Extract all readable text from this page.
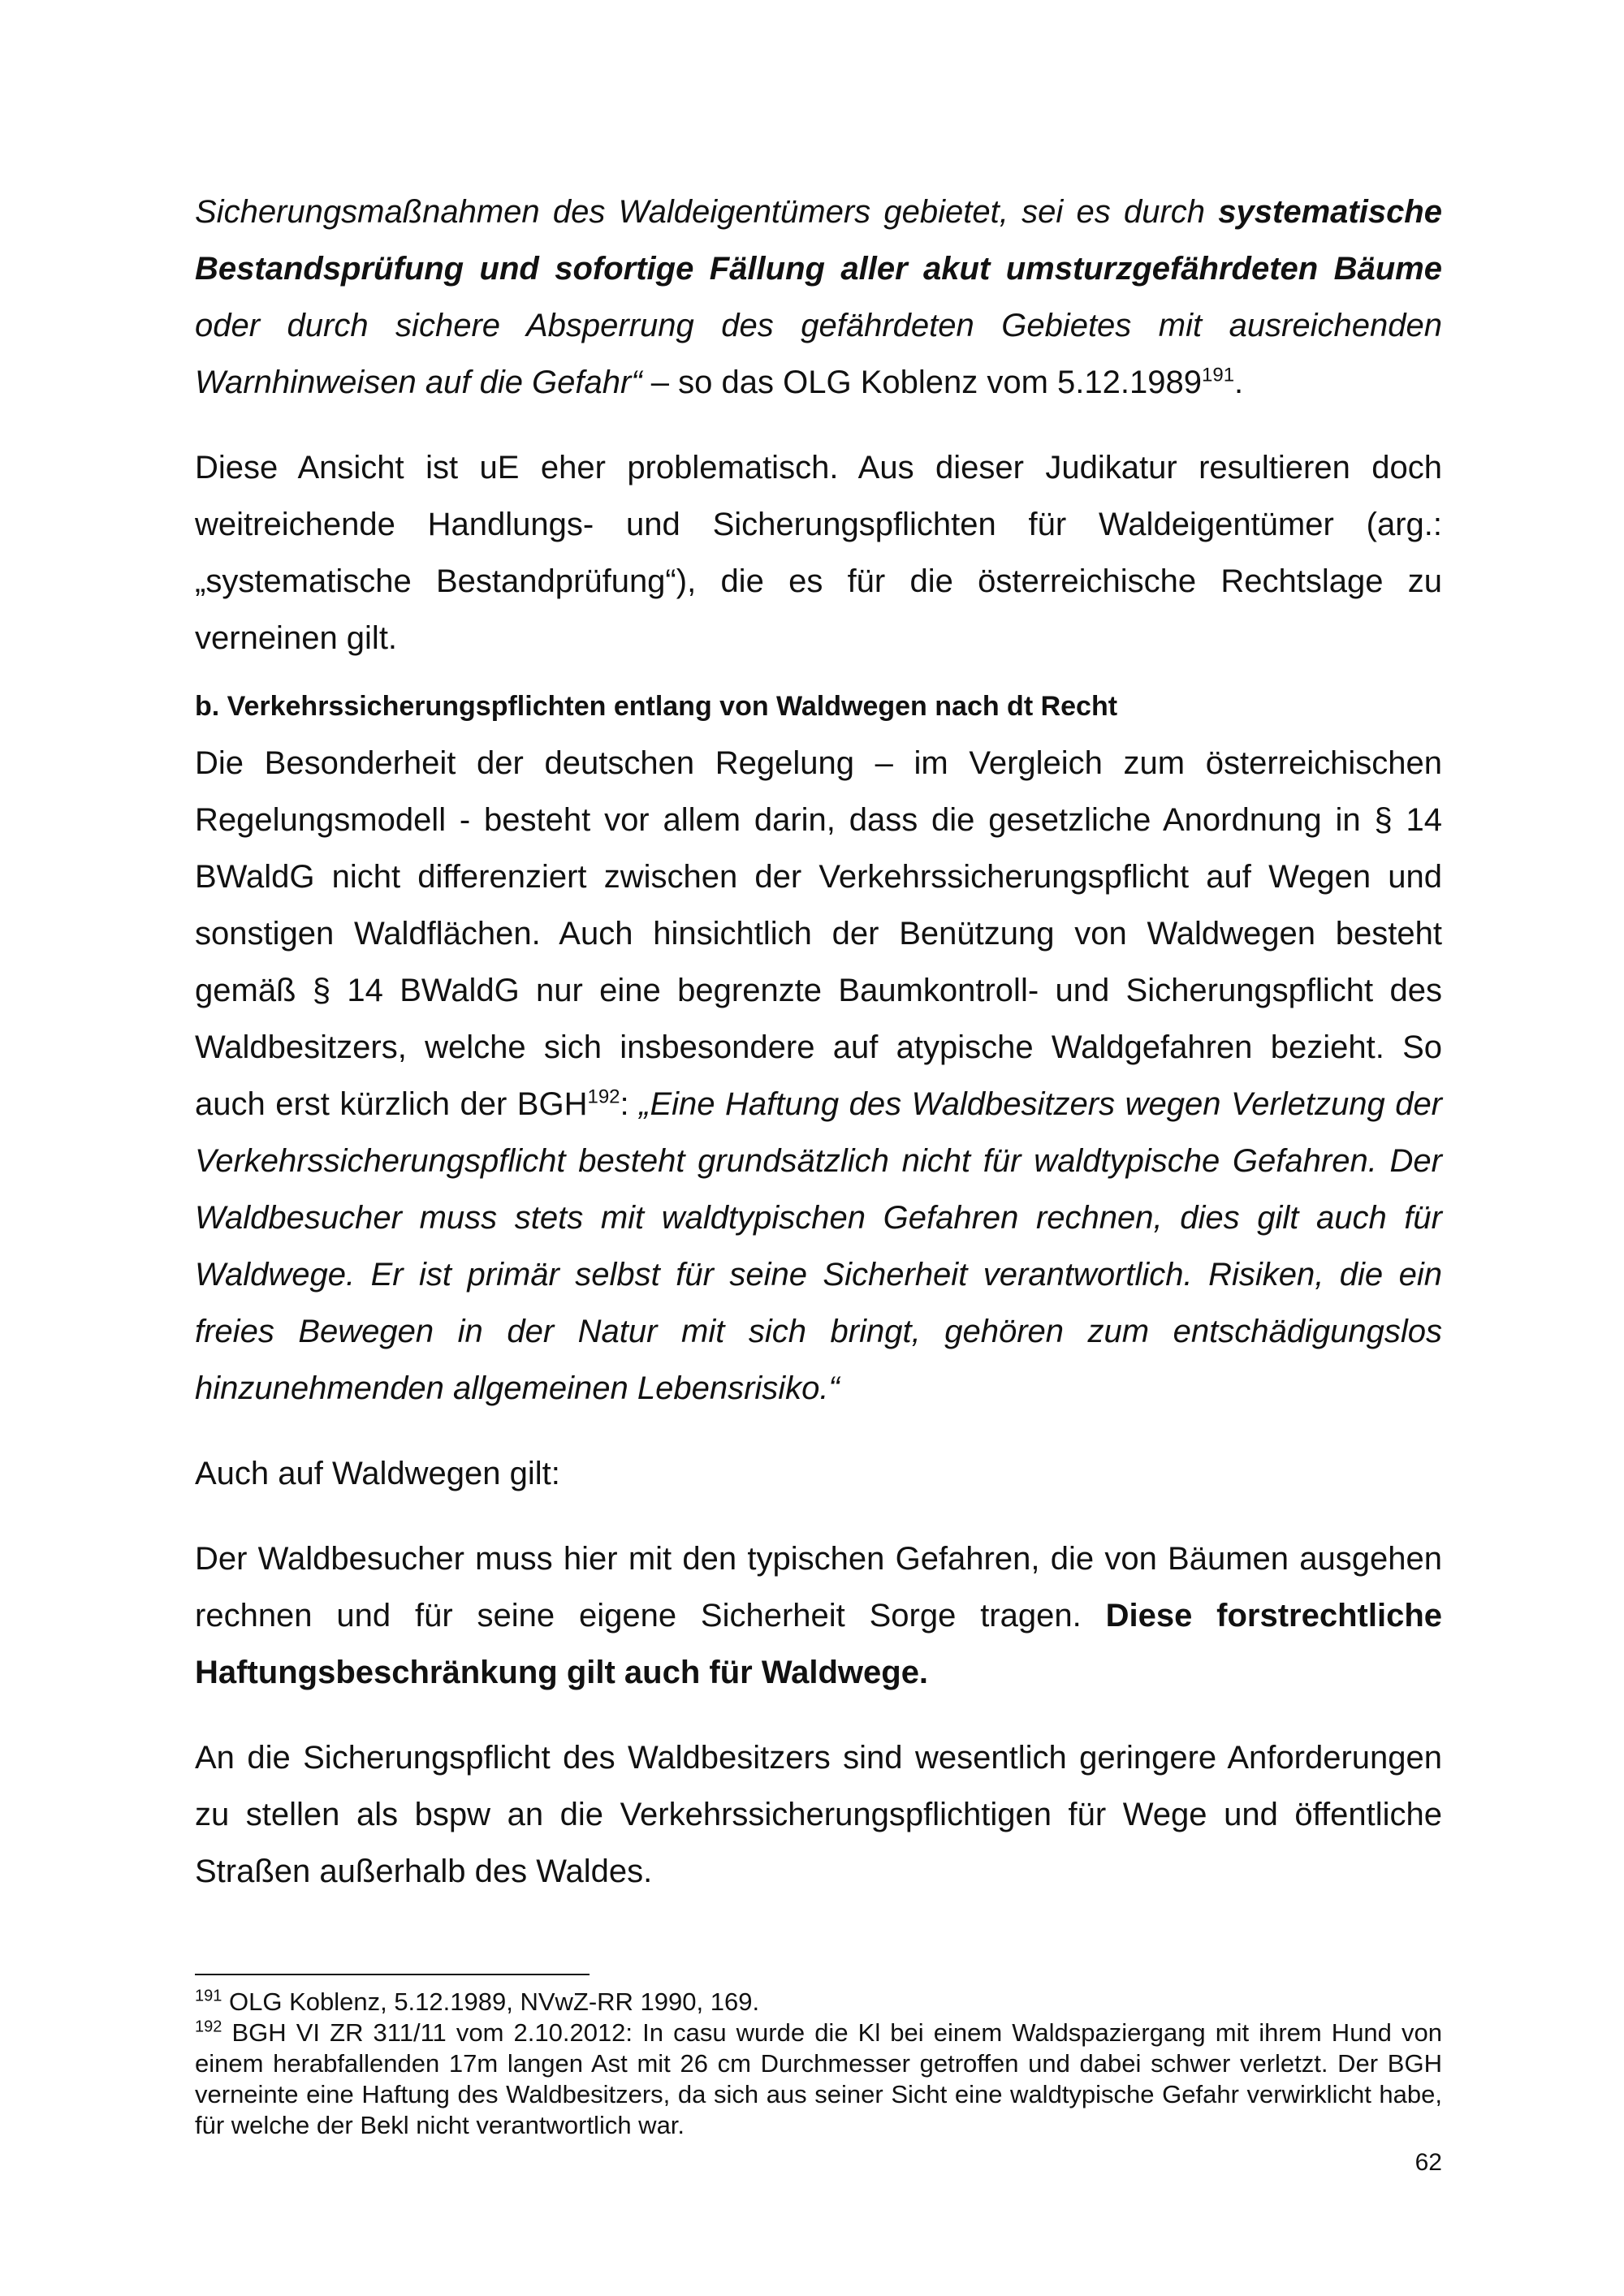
Sicherungsmaßnahmen des Waldeigentümers gebietet, sei es durch systematische Bestandsprüfung und sofortige Fällung aller akut umsturzgefährdeten Bäume oder durch sichere Absperrung des gefährdeten Gebietes mit ausreichenden Warnhinweisen auf die Gefahr“ – so das OLG Koblenz vom 5.12.1989$^{191}$.

Diese Ansicht ist uE eher problematisch. Aus dieser Judikatur resultieren doch weitreichende Handlungs- und Sicherungspflichten für Waldeigentümer (arg.: „systematische Bestandprüfung“), die es für die österreichische Rechtslage zu verneinen gilt.

b. Verkehrssicherungspflichten entlang von Waldwegen nach dt Recht

Die Besonderheit der deutschen Regelung – im Vergleich zum österreichischen Regelungsmodell - besteht vor allem darin, dass die gesetzliche Anordnung in § 14 BWaldG nicht differenziert zwischen der Verkehrssicherungspflicht auf Wegen und sonstigen Waldflächen. Auch hinsichtlich der Benützung von Waldwegen besteht gemäß § 14 BWaldG nur eine begrenzte Baumkontroll- und Sicherungspflicht des Waldbesitzers, welche sich insbesondere auf atypische Waldgefahren bezieht. So auch erst kürzlich der BGH$^{192}$: „Eine Haftung des Waldbesitzers wegen Verletzung der Verkehrssicherungspflicht besteht grundsätzlich nicht für waldtypische Gefahren. Der Waldbesucher muss stets mit waldtypischen Gefahren rechnen, dies gilt auch für Waldwege. Er ist primär selbst für seine Sicherheit verantwortlich. Risiken, die ein freies Bewegen in der Natur mit sich bringt, gehören zum entschädigungslos hinzunehmenden allgemeinen Lebensrisiko.“

Auch auf Waldwegen gilt:

Der Waldbesucher muss hier mit den typischen Gefahren, die von Bäumen ausgehen rechnen und für seine eigene Sicherheit Sorge tragen. Diese forstrechtliche Haftungsbeschränkung gilt auch für Waldwege.

An die Sicherungspflicht des Waldbesitzers sind wesentlich geringere Anforderungen zu stellen als bspw an die Verkehrssicherungspflichtigen für Wege und öffentliche Straßen außerhalb des Waldes.

$^{191}$ OLG Koblenz, 5.12.1989, NVwZ-RR 1990, 169.

$^{192}$ BGH VI ZR 311/11 vom 2.10.2012: In casu wurde die Kl bei einem Waldspaziergang mit ihrem Hund von einem herabfallenden 17m langen Ast mit 26 cm Durchmesser getroffen und dabei schwer verletzt. Der BGH verneinte eine Haftung des Waldbesitzers, da sich aus seiner Sicht eine waldtypische Gefahr verwirklicht habe, für welche der Bekl nicht verantwortlich war.

62
